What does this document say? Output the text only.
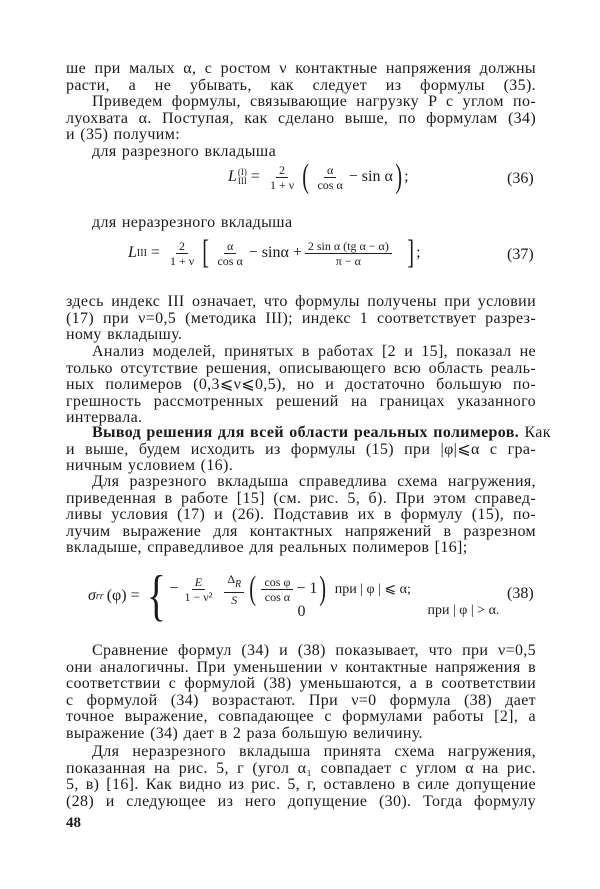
ше при малых α, с ростом ν контактные напряжения должны
расти, а не убывать, как следует из формулы (35).
Приведем формулы, связывающие нагрузку P с углом по-
луохвата α. Поступая, как сделано выше, по формулам (34)
и (35) получим:
для разрезного вкладыша
для неразрезного вкладыша
здесь индекс III означает, что формулы получены при условии
(17) при ν=0,5 (методика III); индекс 1 соответствует разрез-
ному вкладышу.
Анализ моделей, принятых в работах [2 и 15], показал не
только отсутствие решения, описывающего всю область реаль-
ных полимеров (0,3⩽ν⩽0,5), но и достаточно большую по-
грешность рассмотренных решений на границах указанного
интервала.
Вывод решения для всей области реальных полимеров. Как
и выше, будем исходить из формулы (15) при |φ|⩽α с гра-
ничным условием (16).
Для разрезного вкладыша справедлива схема нагружения,
приведенная в работе [15] (см. рис. 5, б). При этом справед-
ливы условия (17) и (26). Подставив их в формулу (15), по-
лучим выражение для контактных напряжений в разрезном
вкладыше, справедливое для реальных полимеров [16];
Сравнение формул (34) и (38) показывает, что при ν=0,5
они аналогичны. При уменьшении ν контактные напряжения в
соответствии с формулой (38) уменьшаются, а в соответствии
с формулой (34) возрастают. При ν=0 формула (38) дает
точное выражение, совпадающее с формулами работы [2], а
выражение (34) дает в 2 раза большую величину.
Для неразрезного вкладыша принята схема нагружения,
показанная на рис. 5, г (угол α₁ совпадает с углом α на рис.
5, в) [16]. Как видно из рис. 5, г, оставлено в силе допущение
(28) и следующее из него допущение (30). Тогда формулу
L (I)
III = $\frac{2}{1 + \nu}$ ( $\frac{\alpha}{\text{cos α}} - \sin \alpha$ ) ;	(36)
L III = $\frac{2}{1 + \nu}$ [ $\frac{\alpha}{\text{cos α}} - \sin\alpha + \frac{\text{2 sin α (tg α − α)}}{\pi - \alpha}$ ] ;	(37)
σ rr (φ) = { − $\frac{E}{\text{1 − ν²}} \frac{\Delta_R}{S}$ ( $\frac{\text{cos φ}}{\text{cos α}} - 1$ ) при | φ | ⩽ α;
0	при | φ | > α.
(38)
48
